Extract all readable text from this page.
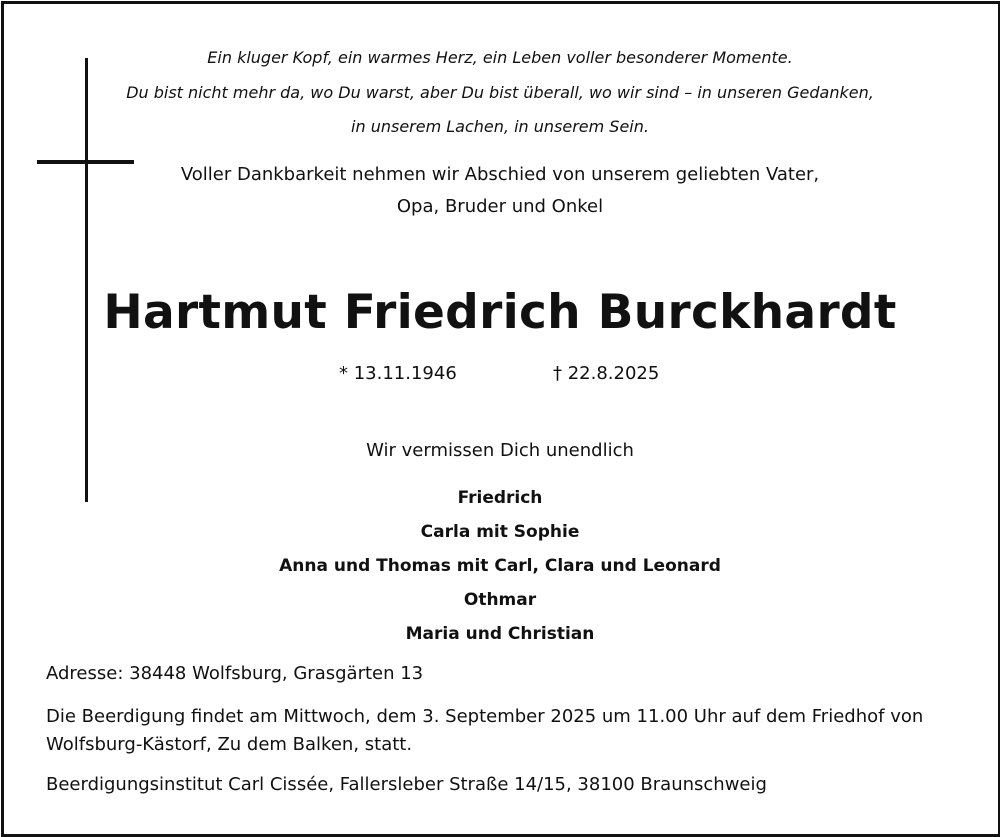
Ein kluger Kopf, ein warmes Herz, ein Leben voller besonderer Momente.
Du bist nicht mehr da, wo Du warst, aber Du bist überall, wo wir sind – in unseren Gedanken,
in unserem Lachen, in unserem Sein.
Voller Dankbarkeit nehmen wir Abschied von unserem geliebten Vater,
Opa, Bruder und Onkel
Hartmut Friedrich Burckhardt
* 13.11.1946	† 22.8.2025
Wir vermissen Dich unendlich
Friedrich
Carla mit Sophie
Anna und Thomas mit Carl, Clara und Leonard
Othmar
Maria und Christian
Adresse: 38448 Wolfsburg, Grasgärten 13
Die Beerdigung findet am Mittwoch, dem 3. September 2025 um 11.00 Uhr auf dem Friedhof von
Wolfsburg-Kästorf, Zu dem Balken, statt.
Beerdigungsinstitut Carl Cissée, Fallersleber Straße 14/15, 38100 Braunschweig
